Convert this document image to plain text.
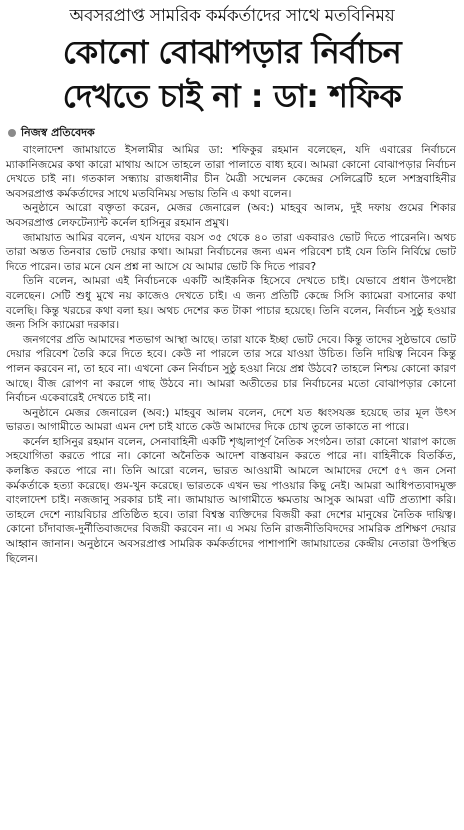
অবসরপ্রাপ্ত সামরিক কর্মকর্তাদের সাথে মতবিনিময়
কোনো বোঝাপড়ার নির্বাচন
দেখতে চাই না : ডা: শফিক
নিজস্ব প্রতিবেদক

বাংলাদেশ জামায়াতে ইসলামীর আমির ডা: শফিকুর রহমান বলেছেন, যদি এবারের নির্বাচনে ম্যাকানিজমের কথা কারো মাথায় আসে তাহলে তারা পালাতে বাধ্য হবে। আমরা কোনো বোঝাপড়ার নির্বাচন দেখতে চাই না। গতকাল সন্ধ্যায় রাজধানীর চীন মৈত্রী সম্মেলন কেন্দ্রের সেলিব্রেটি হলে সশস্ত্রবাহিনীর অবসরপ্রাপ্ত কর্মকর্তাদের সাথে মতবিনিময় সভায় তিনি এ কথা বলেন।

অনুষ্ঠানে আরো বক্তৃতা করেন, মেজর জেনারেল (অব:) মাহবুব আলম, দুই দফায় গুমের শিকার অবসরপ্রাপ্ত লেফটেন্যান্ট কর্নেল হাসিনুর রহমান প্রমুখ।

জামায়াত আমির বলেন, এখন যাদের বয়স ৩৫ থেকে ৪০ তারা একবারও ভোট দিতে পারেননি। অথচ তারা অন্তত তিনবার ভোট দেয়ার কথা। আমরা নির্বাচনের জন্য এমন পরিবেশ চাই যেন তিনি নির্বিঘ্নে ভোট দিতে পারেন। তার মনে যেন প্রশ্ন না আসে যে আমার ভোট কি দিতে পারব?

তিনি বলেন, আমরা এই নির্বাচনকে একটি আইকনিক হিসেবে দেখতে চাই। যেভাবে প্রধান উপদেষ্টা বলেছেন। সেটি শুধু মুখে নয় কাজেও দেখতে চাই। এ জন্য প্রতিটি কেন্দ্রে সিসি ক্যামেরা বসানোর কথা বলেছি। কিন্তু খরচের কথা বলা হয়। অথচ দেশের কত টাকা পাচার হয়েছে। তিনি বলেন, নির্বাচন সুষ্ঠু হওয়ার জন্য সিসি ক্যামেরা দরকার।

জনগণের প্রতি আমাদের শতভাগ আস্থা আছে। তারা যাকে ইচ্ছা ভোট দেবে। কিন্তু তাদের সুষ্ঠভাবে ভোট দেয়ার পরিবেশ তৈরি করে দিতে হবে। কেউ না পারলে তার সরে যাওয়া উচিত। তিনি দায়িত্ব নিবেন কিন্তু পালন করবেন না, তা হবে না। এখনো কেন নির্বাচন সুষ্ঠু হওয়া নিয়ে প্রশ্ন উঠবে? তাহলে নিশ্চয় কোনো কারণ আছে। বীজ রোপণ না করলে গাছ উঠবে না। আমরা অতীতের চার নির্বাচনের মতো বোঝাপড়ার কোনো নির্বাচন একেবারেই দেখতে চাই না।

অনুষ্ঠানে মেজর জেনারেল (অব:) মাহবুব আলম বলেন, দেশে যত ধ্বংসযজ্ঞ হয়েছে তার মূল উৎস ভারত। আগামীতে আমরা এমন দেশ চাই যাতে কেউ আমাদের দিকে চোখ তুলে তাকাতে না পারে।

কর্নেল হাসিনুর রহমান বলেন, সেনাবাহিনী একটি শৃঙ্খলাপূর্ণ নৈতিক সংগঠন। তারা কোনো খারাপ কাজে সহযোগিতা করতে পারে না। কোনো অনৈতিক আদেশ বাস্তবায়ন করতে পারে না। বাহিনীকে বিতর্কিত, কলঙ্কিত করতে পারে না। তিনি আরো বলেন, ভারত আওয়ামী আমলে আমাদের দেশে ৫৭ জন সেনা কর্মকর্তাকে হত্যা করেছে। গুম-খুন করেছে। ভারতকে এখন ভয় পাওয়ার কিছু নেই। আমরা আধিপত্যবাদমুক্ত বাংলাদেশ চাই। নজজানু সরকার চাই না। জামায়াত আগামীতে ক্ষমতায় আসুক আমরা এটি প্রত্যাশা করি। তাহলে দেশে ন্যায়বিচার প্রতিষ্ঠিত হবে। তারা বিশ্বস্ত ব্যক্তিদের বিজয়ী করা দেশের মানুষের নৈতিক দায়িত্ব। কোনো চাঁদাবাজ-দুর্নীতিবাজদের বিজয়ী করবেন না। এ সময় তিনি রাজনীতিবিদদের সামরিক প্রশিক্ষণ দেয়ার আহ্বান জানান। অনুষ্ঠানে অবসরপ্রাপ্ত সামরিক কর্মকর্তাদের পাশাপাশি জামায়াতের কেন্দ্রীয় নেতারা উপস্থিত ছিলেন।
